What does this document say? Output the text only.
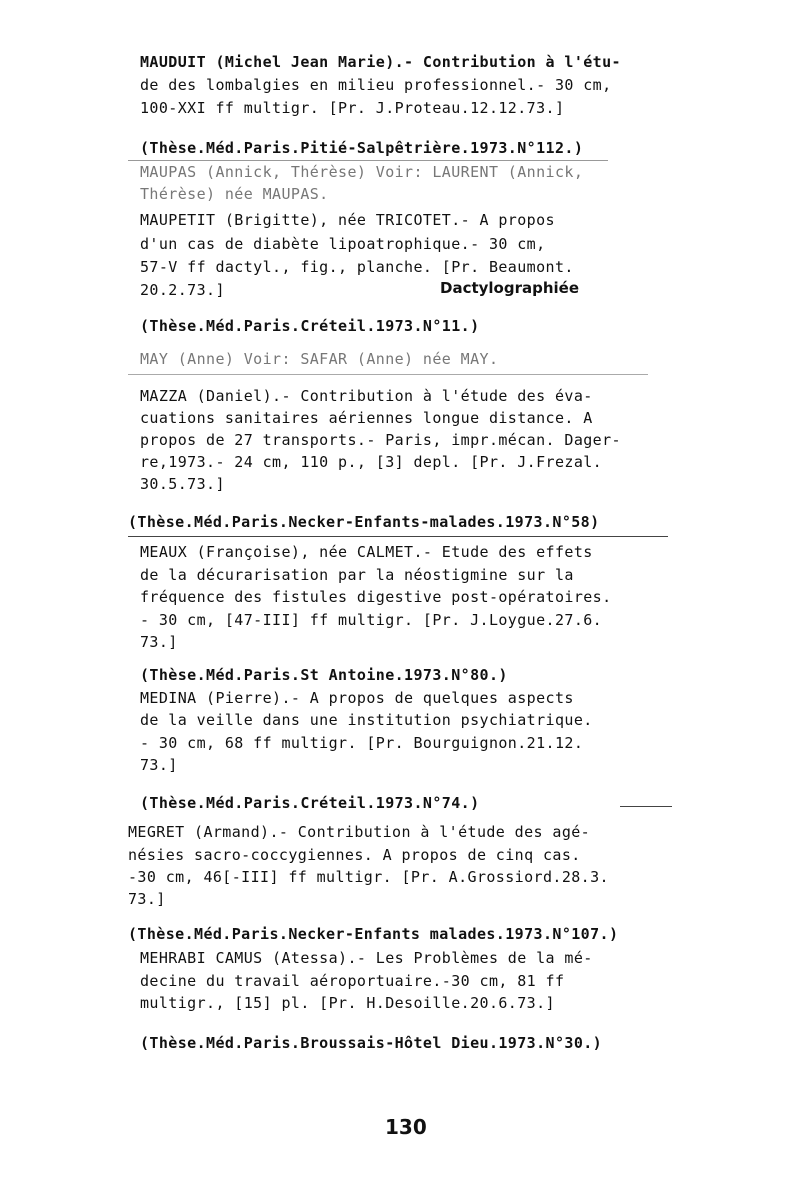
MAUDUIT (Michel Jean Marie).- Contribution à l'étu-
de des lombalgies en milieu professionnel.- 30 cm,
100-XXI ff multigr. [Pr. J.Proteau.12.12.73.]
(Thèse.Méd.Paris.Pitié-Salpêtrière.1973.N°112.)
MAUPAS (Annick, Thérèse) Voir: LAURENT (Annick,
Thérèse) née MAUPAS.
MAUPETIT (Brigitte), née TRICOTET.- A propos
d'un cas de diabète lipoatrophique.- 30 cm,
57-V ff dactyl., fig., planche. [Pr. Beaumont.
20.2.73.]	Dactylographiée
(Thèse.Méd.Paris.Créteil.1973.N°11.)
MAY (Anne) Voir: SAFAR (Anne) née MAY.
MAZZA (Daniel).- Contribution à l'étude des éva-
cuations sanitaires aériennes longue distance. A
propos de 27 transports.- Paris, impr.mécan. Dager-
re,1973.- 24 cm, 110 p., [3] depl. [Pr. J.Frezal.
30.5.73.]
(Thèse.Méd.Paris.Necker-Enfants-malades.1973.N°58)
MEAUX (Françoise), née CALMET.- Etude des effets
de la décurarisation par la néostigmine sur la
fréquence des fistules digestive post-opératoires.
- 30 cm, [47-III] ff multigr. [Pr. J.Loygue.27.6.
73.]
(Thèse.Méd.Paris.St Antoine.1973.N°80.)
MEDINA (Pierre).- A propos de quelques aspects
de la veille dans une institution psychiatrique.
- 30 cm, 68 ff multigr. [Pr. Bourguignon.21.12.
73.]
(Thèse.Méd.Paris.Créteil.1973.N°74.)
MEGRET (Armand).- Contribution à l'étude des agé-
nésies sacro-coccygiennes. A propos de cinq cas.
-30 cm, 46[-III] ff multigr. [Pr. A.Grossiord.28.3.
73.]
(Thèse.Méd.Paris.Necker-Enfants malades.1973.N°107.)
MEHRABI CAMUS (Atessa).- Les Problèmes de la mé-
decine du travail aéroportuaire.-30 cm, 81 ff
multigr., [15] pl. [Pr. H.Desoille.20.6.73.]
(Thèse.Méd.Paris.Broussais-Hôtel Dieu.1973.N°30.)
130
